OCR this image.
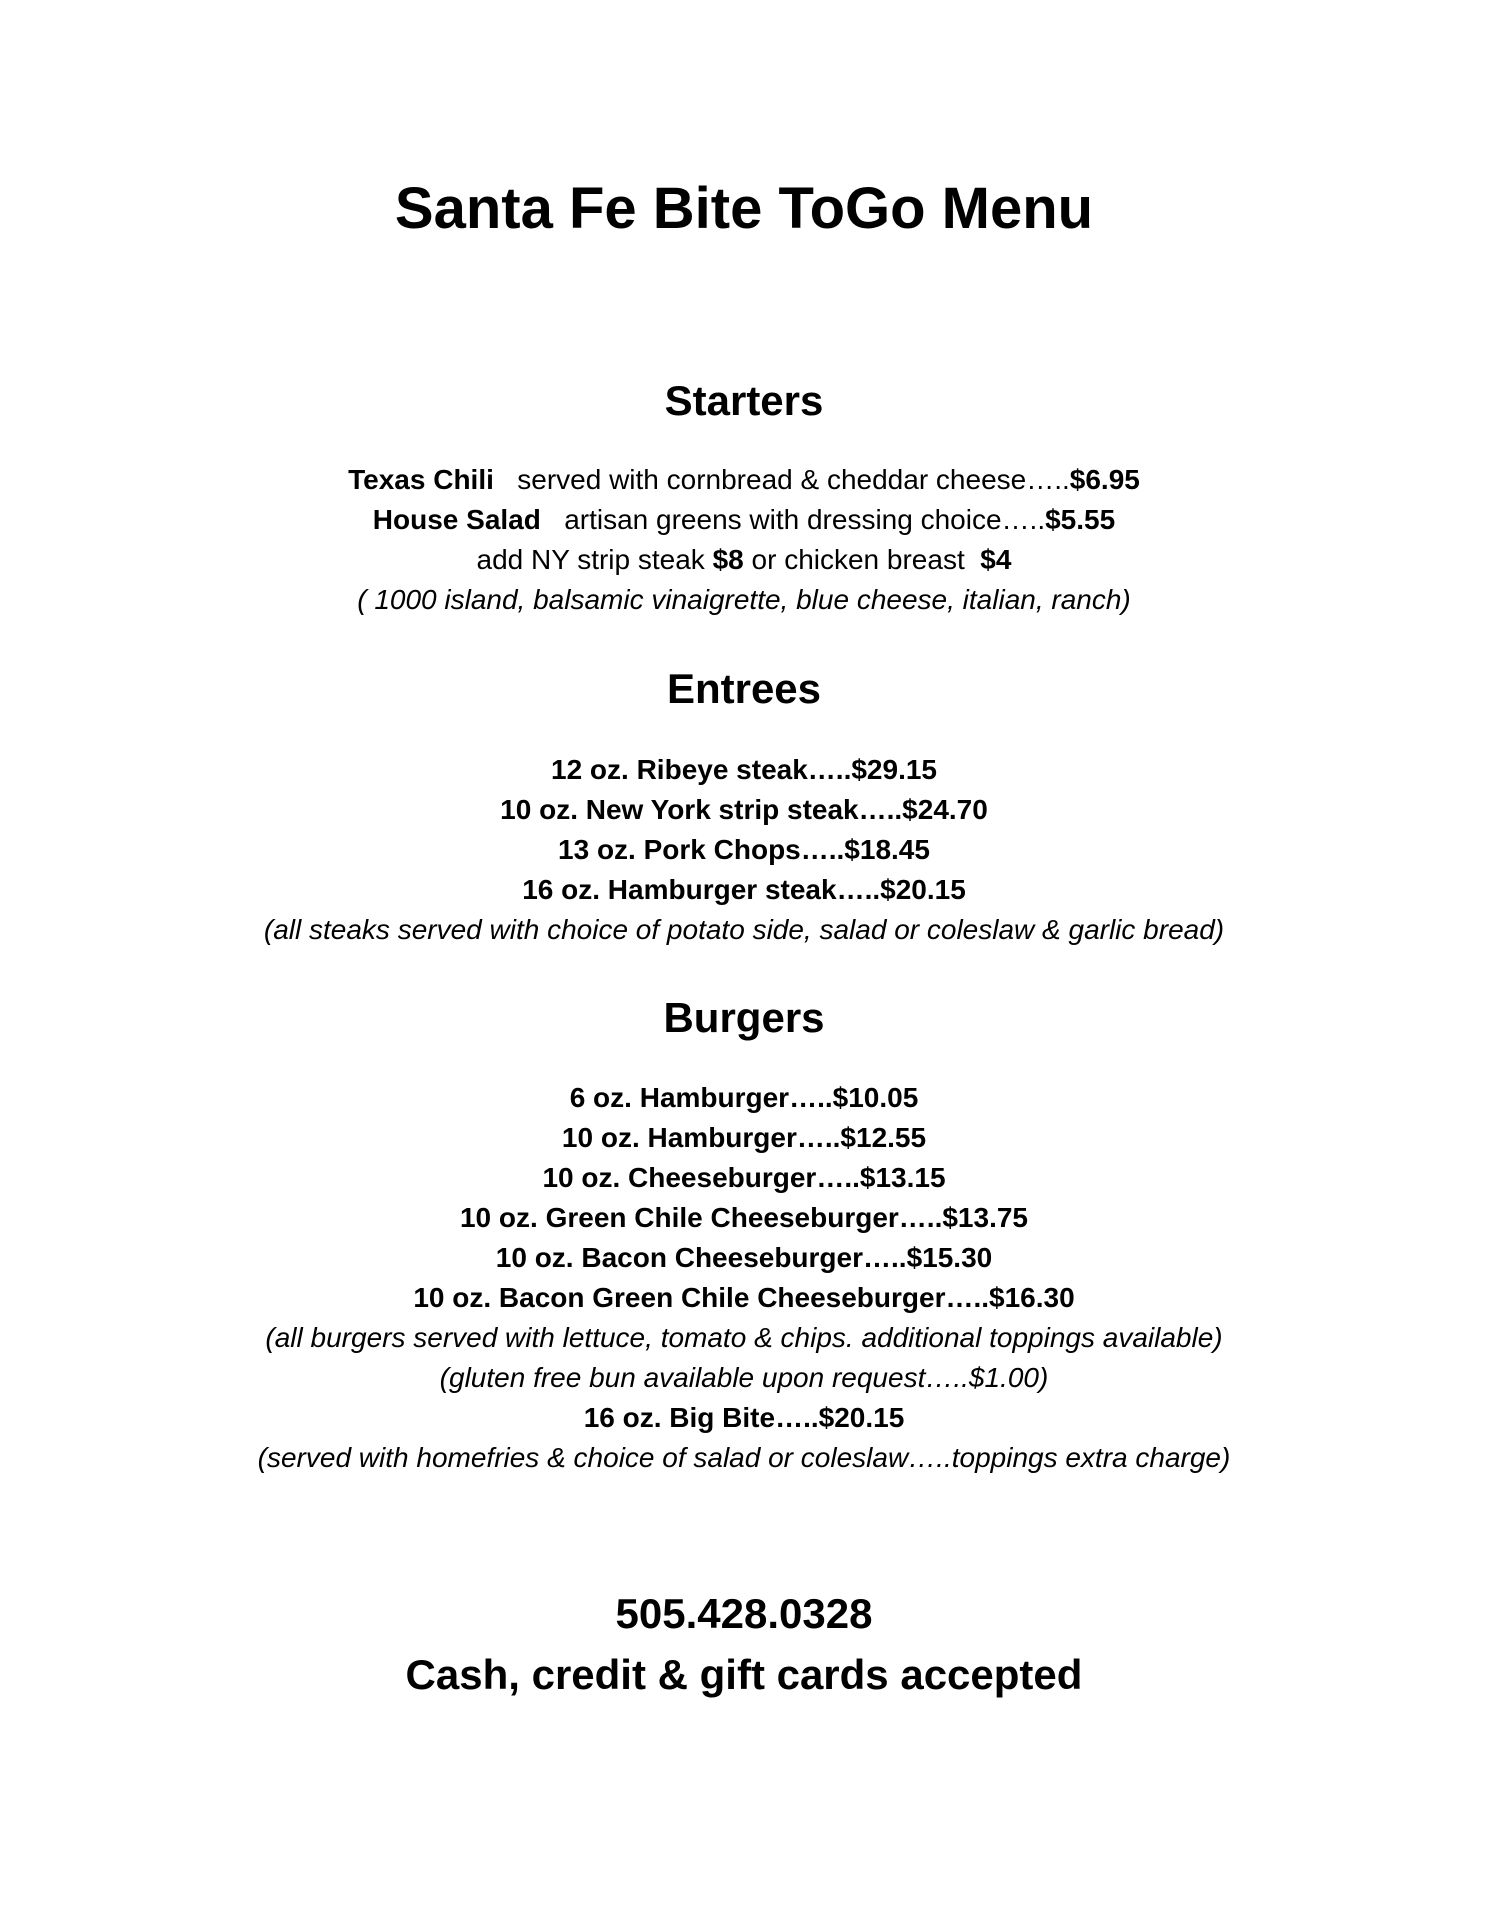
Santa Fe Bite ToGo Menu
Starters
Texas Chili served with cornbread & cheddar cheese…..$6.95
House Salad artisan greens with dressing choice…..$5.55
add NY strip steak $8 or chicken breast  $4
( 1000 island, balsamic vinaigrette, blue cheese, italian, ranch)
Entrees
12 oz. Ribeye steak…..$29.15
10 oz. New York strip steak…..$24.70
13 oz. Pork Chops…..$18.45
16 oz. Hamburger steak…..$20.15
(all steaks served with choice of potato side, salad or coleslaw & garlic bread)
Burgers
6 oz. Hamburger…..$10.05
10 oz. Hamburger…..$12.55
10 oz. Cheeseburger…..$13.15
10 oz. Green Chile Cheeseburger…..$13.75
10 oz. Bacon Cheeseburger…..$15.30
10 oz. Bacon Green Chile Cheeseburger…..$16.30
(all burgers served with lettuce, tomato & chips. additional toppings available)
(gluten free bun available upon request…..$1.00)
16 oz. Big Bite…..$20.15
(served with homefries & choice of salad or coleslaw…..toppings extra charge)
505.428.0328
Cash, credit & gift cards accepted
